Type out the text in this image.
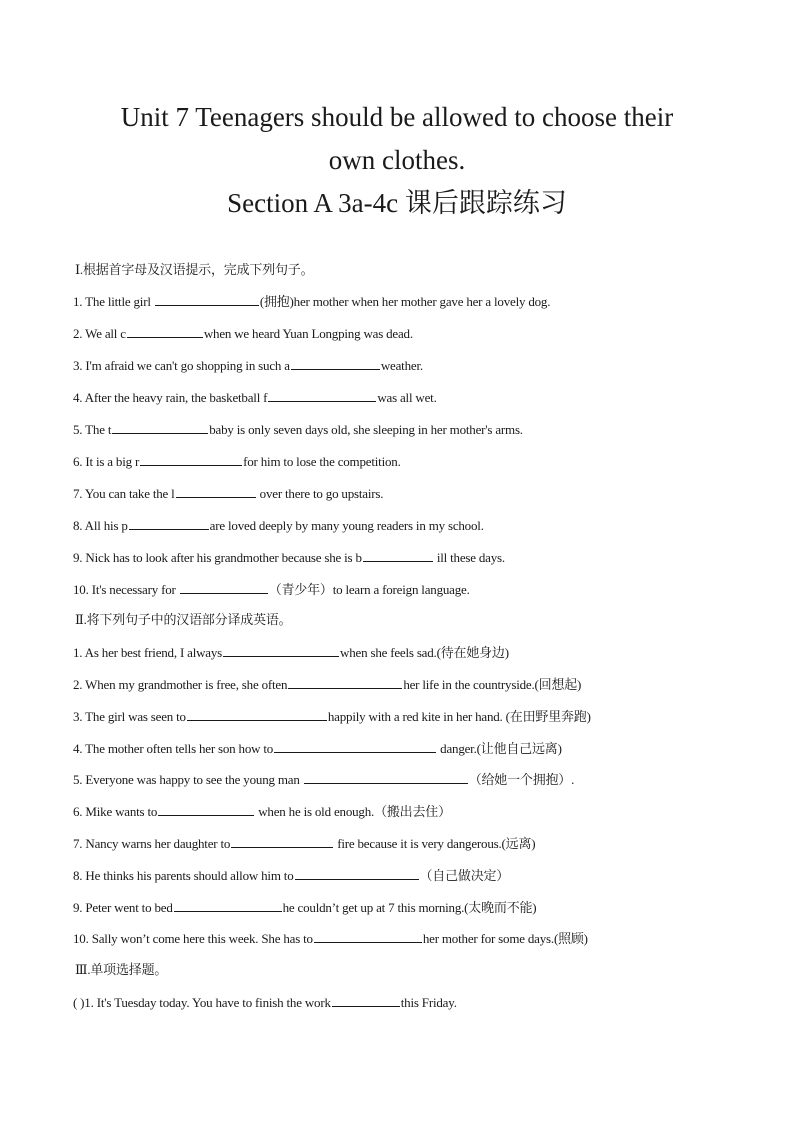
Unit 7 Teenagers should be allowed to choose their
own clothes.
Section A 3a-4c 课后跟踪练习
Ⅰ.根据首字母及汉语提示，完成下列句子。
1. The little girl	(拥抱)her mother when her mother gave her a lovely dog.
2. We all c	when we heard Yuan Longping was dead.
3. I'm afraid we can't go shopping in such a	weather.
4. After the heavy rain, the basketball f	was all wet.
5. The t	baby is only seven days old, she sleeping in her mother's arms.
6. It is a big r	for him to lose the competition.
7. You can take the l	over there to go upstairs.
8. All his p	are loved deeply by many young readers in my school.
9. Nick has to look after his grandmother because she is b	ill these days.
10. It's necessary for	（青少年）to learn a foreign language.
Ⅱ.将下列句子中的汉语部分译成英语。
1. As her best friend, I always	when she feels sad.(待在她身边)
2. When my grandmother is free, she often	her life in the countryside.(回想起)
3. The girl was seen to	happily with a red kite in her hand. (在田野里奔跑)
4. The mother often tells her son how to	danger.(让他自己远离)
5. Everyone was happy to see the young man	（给她一个拥抱）.
6. Mike wants to	when he is old enough.（搬出去住）
7. Nancy warns her daughter to	fire because it is very dangerous.(远离)
8. He thinks his parents should allow him to	（自己做决定）
9. Peter went to bed	he couldn’t get up at 7 this morning.(太晚而不能)
10. Sally won’t come here this week. She has to	her mother for some days.(照顾)
Ⅲ.单项选择题。
( )1. It's Tuesday today. You have to finish the work	this Friday.
